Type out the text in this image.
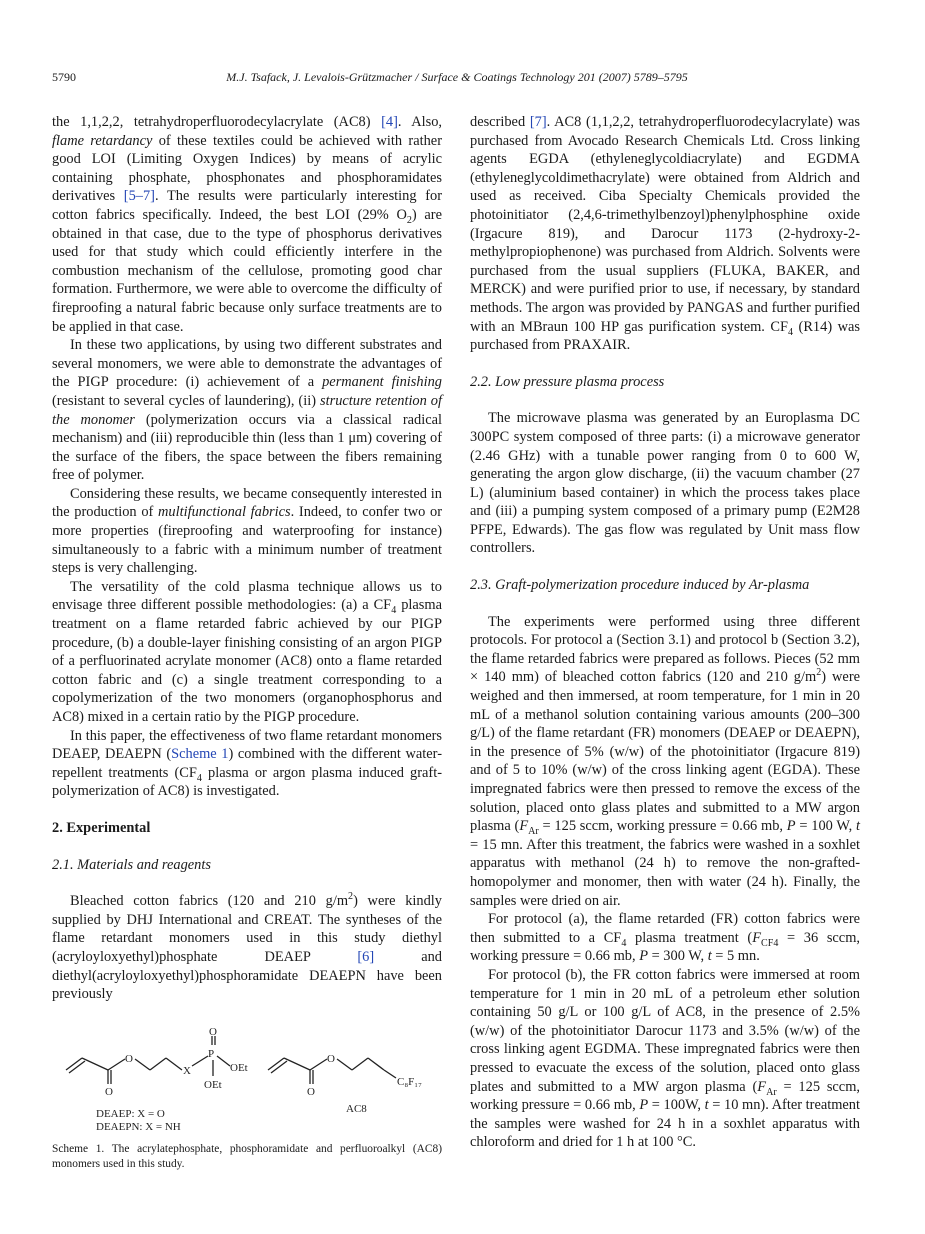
M.J. Tsafack, J. Levalois-Grützmacher / Surface & Coatings Technology 201 (2007) 5789–5795
5790

the 1,1,2,2, tetrahydroperfluorodecylacrylate (AC8) [4]. Also, flame retardancy of these textiles could be achieved with rather good LOI (Limiting Oxygen Indices) by means of acrylic containing phosphate, phosphonates and phosphoramidates derivatives [5–7]. The results were particularly interesting for cotton fabrics specifically. Indeed, the best LOI (29% $O_2$) are obtained in that case, due to the type of phosphorus derivatives used for that study which could efficiently interfere in the combustion mechanism of the cellulose, promoting good char formation. Furthermore, we were able to overcome the difficulty of fireproofing a natural fabric because only surface treatments are to be applied in that case.

In these two applications, by using two different substrates and several monomers, we were able to demonstrate the advantages of the PIGP procedure: (i) achievement of a permanent finishing (resistant to several cycles of laundering), (ii) structure retention of the monomer (polymerization occurs via a classical radical mechanism) and (iii) reproducible thin (less than 1 μm) covering of the surface of the fibers, the space between the fibers remaining free of polymer.

Considering these results, we became consequently interested in the production of multifunctional fabrics. Indeed, to confer two or more properties (fireproofing and waterproofing for instance) simultaneously to a fabric with a minimum number of treatment steps is very challenging.

The versatility of the cold plasma technique allows us to envisage three different possible methodologies: (a) a $CF_4$ plasma treatment on a flame retarded fabric achieved by our PIGP procedure, (b) a double-layer finishing consisting of an argon PIGP of a perfluorinated acrylate monomer (AC8) onto a flame retarded cotton fabric and (c) a single treatment corresponding to a copolymerization of the two monomers (organophosphorus and AC8) mixed in a certain ratio by the PIGP procedure.

In this paper, the effectiveness of two flame retardant monomers DEAEP, DEAEPN (Scheme 1) combined with the different water-repellent treatments ($CF_4$ plasma or argon plasma induced graft-polymerization of AC8) is investigated.

2. Experimental

2.1. Materials and reagents

Bleached cotton fabrics (120 and 210 $g/m^2$) were kindly supplied by DHJ International and CREAT. The syntheses of the flame retardant monomers used in this study diethyl (acryloyloxyethyl)phosphate DEAEP [6] and diethyl(acryloyloxyethyl)phosphoramidate DEAEPN have been previously

O
O
O
X
P
OEt
OEt
O
O
C₈F₁₇
DEAEP: X = O
DEAEPN: X = NH
AC8
Scheme 1. The acrylatephosphate, phosphoramidate and perfluoroalkyl (AC8) monomers used in this study.

described [7]. AC8 (1,1,2,2, tetrahydroperfluorodecylacrylate) was purchased from Avocado Research Chemicals Ltd. Cross linking agents EGDA (ethyleneglycoldiacrylate) and EGDMA (ethyleneglycoldimethacrylate) were obtained from Aldrich and used as received. Ciba Specialty Chemicals provided the photoinitiator (2,4,6-trimethylbenzoyl)phenylphosphine oxide (Irgacure 819), and Darocur 1173 (2-hydroxy-2-methylpropiophenone) was purchased from Aldrich. Solvents were purchased from the usual suppliers (FLUKA, BAKER, and MERCK) and were purified prior to use, if necessary, by standard methods. The argon was provided by PANGAS and further purified with an MBraun 100 HP gas purification system. $CF_4$ (R14) was purchased from PRAXAIR.

2.2. Low pressure plasma process

The microwave plasma was generated by an Europlasma DC 300PC system composed of three parts: (i) a microwave generator (2.46 GHz) with a tunable power ranging from 0 to 600 W, generating the argon glow discharge, (ii) the vacuum chamber (27 L) (aluminium based container) in which the process takes place and (iii) a pumping system composed of a primary pump (E2M28 PFPE, Edwards). The gas flow was regulated by Unit mass flow controllers.

2.3. Graft-polymerization procedure induced by Ar-plasma

The experiments were performed using three different protocols. For protocol a (Section 3.1) and protocol b (Section 3.2), the flame retarded fabrics were prepared as follows. Pieces (52 mm × 140 mm) of bleached cotton fabrics (120 and 210 $g/m^2$) were weighed and then immersed, at room temperature, for 1 min in 20 mL of a methanol solution containing various amounts (200–300 g/L) of the flame retardant (FR) monomers (DEAEP or DEAEPN), in the presence of 5% (w/w) of the photoinitiator (Irgacure 819) and of 5 to 10% (w/w) of the cross linking agent (EGDA). These impregnated fabrics were then pressed to remove the excess of the solution, placed onto glass plates and submitted to a MW argon plasma ($F_{Ar} = 125$ sccm, working pressure = 0.66 mb, P = 100 W, t = 15 mn. After this treatment, the fabrics were washed in a soxhlet apparatus with methanol (24 h) to remove the non-grafted-homopolymer and monomer, then with water (24 h). Finally, the samples were dried on air.

For protocol (a), the flame retarded (FR) cotton fabrics were then submitted to a $CF_4$ plasma treatment ($F_{CF4} = 36$ sccm, working pressure = 0.66 mb, P = 300 W, t = 5 mn.

For protocol (b), the FR cotton fabrics were immersed at room temperature for 1 min in 20 mL of a petroleum ether solution containing 50 g/L or 100 g/L of AC8, in the presence of 2.5% (w/w) of the photoinitiator Darocur 1173 and 3.5% (w/w) of the cross linking agent EGDMA. These impregnated fabrics were then pressed to evacuate the excess of the solution, placed onto glass plates and submitted to a MW argon plasma ($F_{Ar} = 125$ sccm, working pressure = 0.66 mb, P = 100W, t = 10 mn). After treatment the samples were washed for 24 h in a soxhlet apparatus with chloroform and dried for 1 h at 100 °C.
